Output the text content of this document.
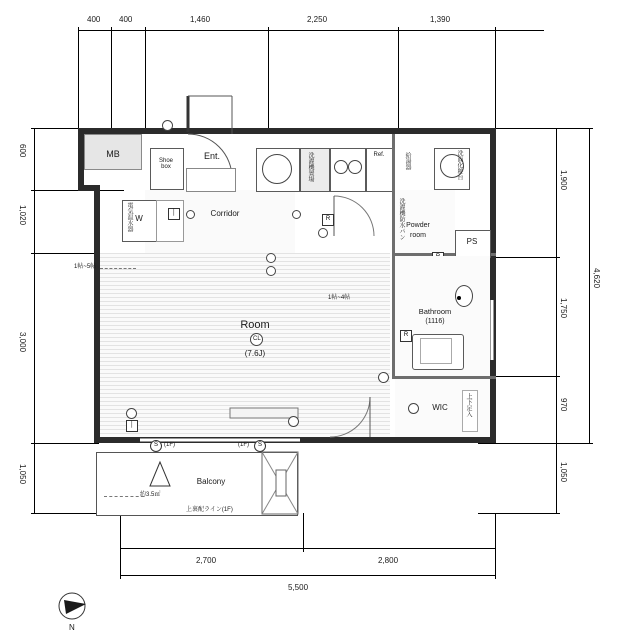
400 400	1,460	2,250	1,390
600
1,020
3,000
1,050
1,900
1,750
970
1,050
4,620
2,700	2,800
5,500
MB
Room
(7.6J)
CL
1帖~4帖
1帖~5帖
Corridor
Ent.
Shoe
box
W
電気温水器	│
洗濯機置場	Ref.
Powder
room
洗面化粧台
洗濯機防水パン
PS
Bathroom
(1116)
R
WIC	上下足入
Balcony
約3.5㎡
上裏配ライン(1F)
S	S
(1F)	(1F)
│
R
給湯器
N
